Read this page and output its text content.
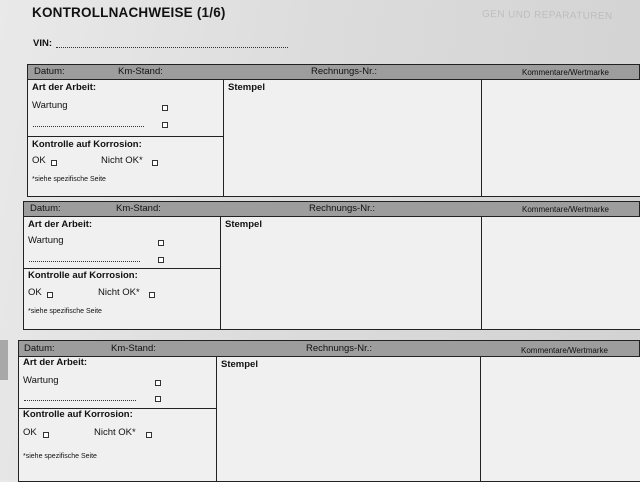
GEN UND REPARATUREN
KONTROLLNACHWEISE (1/6)
VIN:
Datum:	Km-Stand:	Rechnungs-Nr.:	Kommentare/Wertmarke
Art der Arbeit:
Wartung
Kontrolle auf Korrosion:
OK	Nicht OK*
*siehe spezifische Seite
Stempel
Datum:	Km-Stand:	Rechnungs-Nr.:	Kommentare/Wertmarke
Art der Arbeit:
Wartung
Kontrolle auf Korrosion:
OK	Nicht OK*
*siehe spezifische Seite
Stempel
Datum:	Km-Stand:	Rechnungs-Nr.:	Kommentare/Wertmarke
Art der Arbeit:
Wartung
Kontrolle auf Korrosion:
OK	Nicht OK*
*siehe spezifische Seite
Stempel
